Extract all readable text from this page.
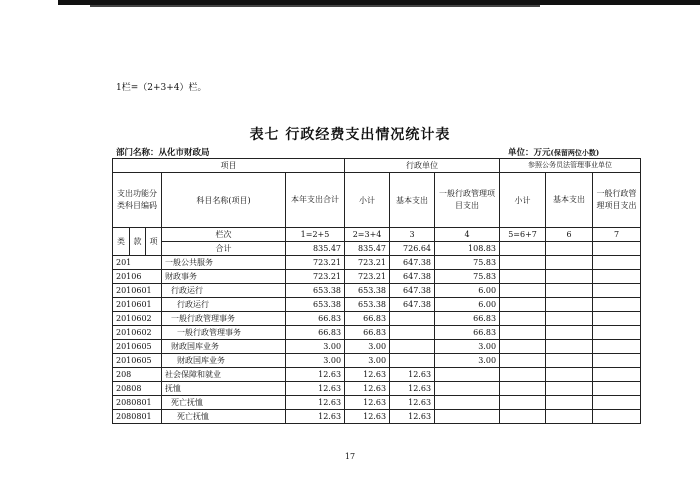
1栏=（2+3+4）栏。
表七 行政经费支出情况统计表
部门名称：从化市财政局	单位：万元(保留两位小数)
项目					行政单位			参照公务员法管理事业单位		
支出功能分类科目编码			科目名称(项目)	本年支出合计	小计	基本支出	一般行政管理项目支出	小计	基本支出	一般行政管理项目支出
类	款	项	栏次	1=2+5	2=3+4	3	4	5=6+7	6	7
			合计	835.47	835.47	726.64	108.83			
201			一般公共服务	723.21	723.21	647.38	75.83			
20106			财政事务	723.21	723.21	647.38	75.83			
2010601			行政运行	653.38	653.38	647.38	6.00			
2010601			行政运行	653.38	653.38	647.38	6.00			
2010602			一般行政管理事务	66.83	66.83		66.83			
2010602			一般行政管理事务	66.83	66.83		66.83			
2010605			财政国库业务	3.00	3.00		3.00			
2010605			财政国库业务	3.00	3.00		3.00			
208			社会保障和就业	12.63	12.63	12.63				
20808			抚恤	12.63	12.63	12.63				
2080801			死亡抚恤	12.63	12.63	12.63				
2080801			死亡抚恤	12.63	12.63	12.63				
17
